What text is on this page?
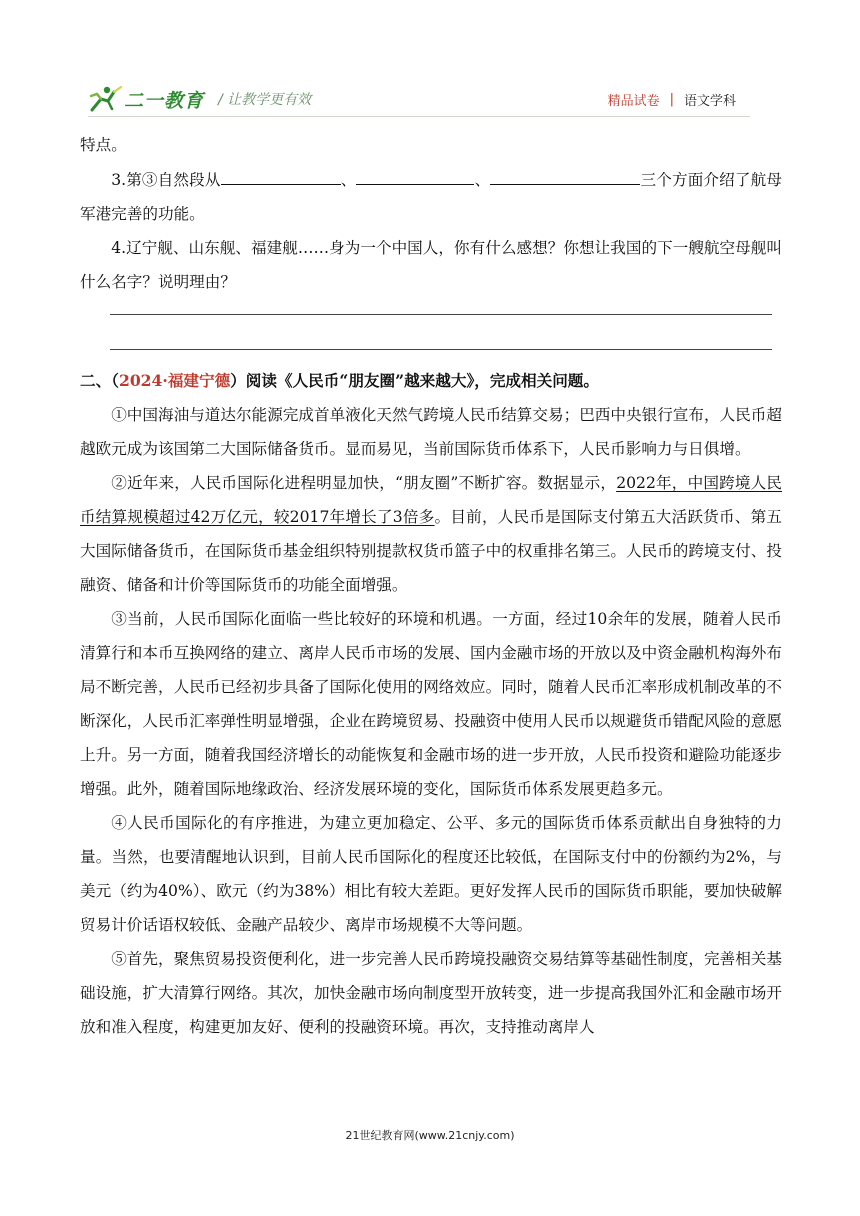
二一教育 / 让教学更有效	精品试卷 | 语文学科

特点。

3.第③自然段从	、	、	三个方面介绍了航母军港完善的功能。

4.辽宁舰、山东舰、福建舰……身为一个中国人，你有什么感想？你想让我国的下一艘航空母舰叫什么名字？说明理由？

二、（2024·福建宁德）阅读《人民币“朋友圈”越来越大》，完成相关问题。

①中国海油与道达尔能源完成首单液化天然气跨境人民币结算交易；巴西中央银行宣布，人民币超越欧元成为该国第二大国际储备货币。显而易见，当前国际货币体系下，人民币影响力与日俱增。

②近年来，人民币国际化进程明显加快，“朋友圈”不断扩容。数据显示，2022年，中国跨境人民币结算规模超过42万亿元，较2017年增长了3倍多。目前，人民币是国际支付第五大活跃货币、第五大国际储备货币，在国际货币基金组织特别提款权货币篮子中的权重排名第三。人民币的跨境支付、投融资、储备和计价等国际货币的功能全面增强。

③当前，人民币国际化面临一些比较好的环境和机遇。一方面，经过10余年的发展，随着人民币清算行和本币互换网络的建立、离岸人民币市场的发展、国内金融市场的开放以及中资金融机构海外布局不断完善，人民币已经初步具备了国际化使用的网络效应。同时，随着人民币汇率形成机制改革的不断深化，人民币汇率弹性明显增强，企业在跨境贸易、投融资中使用人民币以规避货币错配风险的意愿上升。另一方面，随着我国经济增长的动能恢复和金融市场的进一步开放，人民币投资和避险功能逐步增强。此外，随着国际地缘政治、经济发展环境的变化，国际货币体系发展更趋多元。

④人民币国际化的有序推进，为建立更加稳定、公平、多元的国际货币体系贡献出自身独特的力量。当然，也要清醒地认识到，目前人民币国际化的程度还比较低，在国际支付中的份额约为2%，与美元（约为40%）、欧元（约为38%）相比有较大差距。更好发挥人民币的国际货币职能，要加快破解贸易计价话语权较低、金融产品较少、离岸市场规模不大等问题。

⑤首先，聚焦贸易投资便利化，进一步完善人民币跨境投融资交易结算等基础性制度，完善相关基础设施，扩大清算行网络。其次，加快金融市场向制度型开放转变，进一步提高我国外汇和金融市场开放和准入程度，构建更加友好、便利的投融资环境。再次，支持推动离岸人

21世纪教育网(www.21cnjy.com)
